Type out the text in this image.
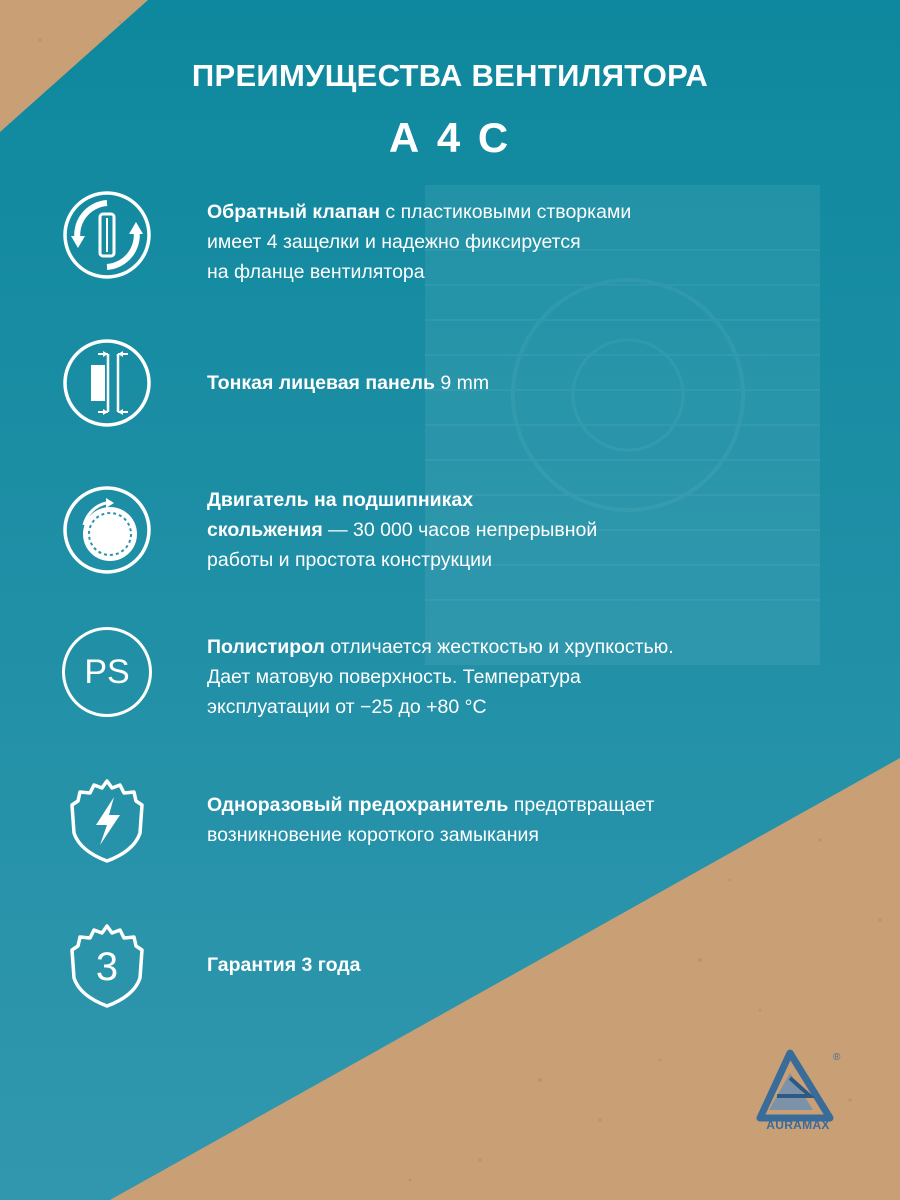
ПРЕИМУЩЕСТВА ВЕНТИЛЯТОРА
А 4 С
Обратный клапан с пластиковыми створками
имеет 4 защелки и надежно фиксируется
на фланце вентилятора
Тонкая лицевая панель 9 mm
Двигатель на подшипниках
скольжения — 30 000 часов непрерывной
работы и простота конструкции
PS
Полистирол отличается жесткостью и хрупкостью.
Дает матовую поверхность. Температура
эксплуатации от −25 до +80 °С
Одноразовый предохранитель предотвращает
возникновение короткого замыкания
3	Гарантия 3 года
®
AURAMAX
